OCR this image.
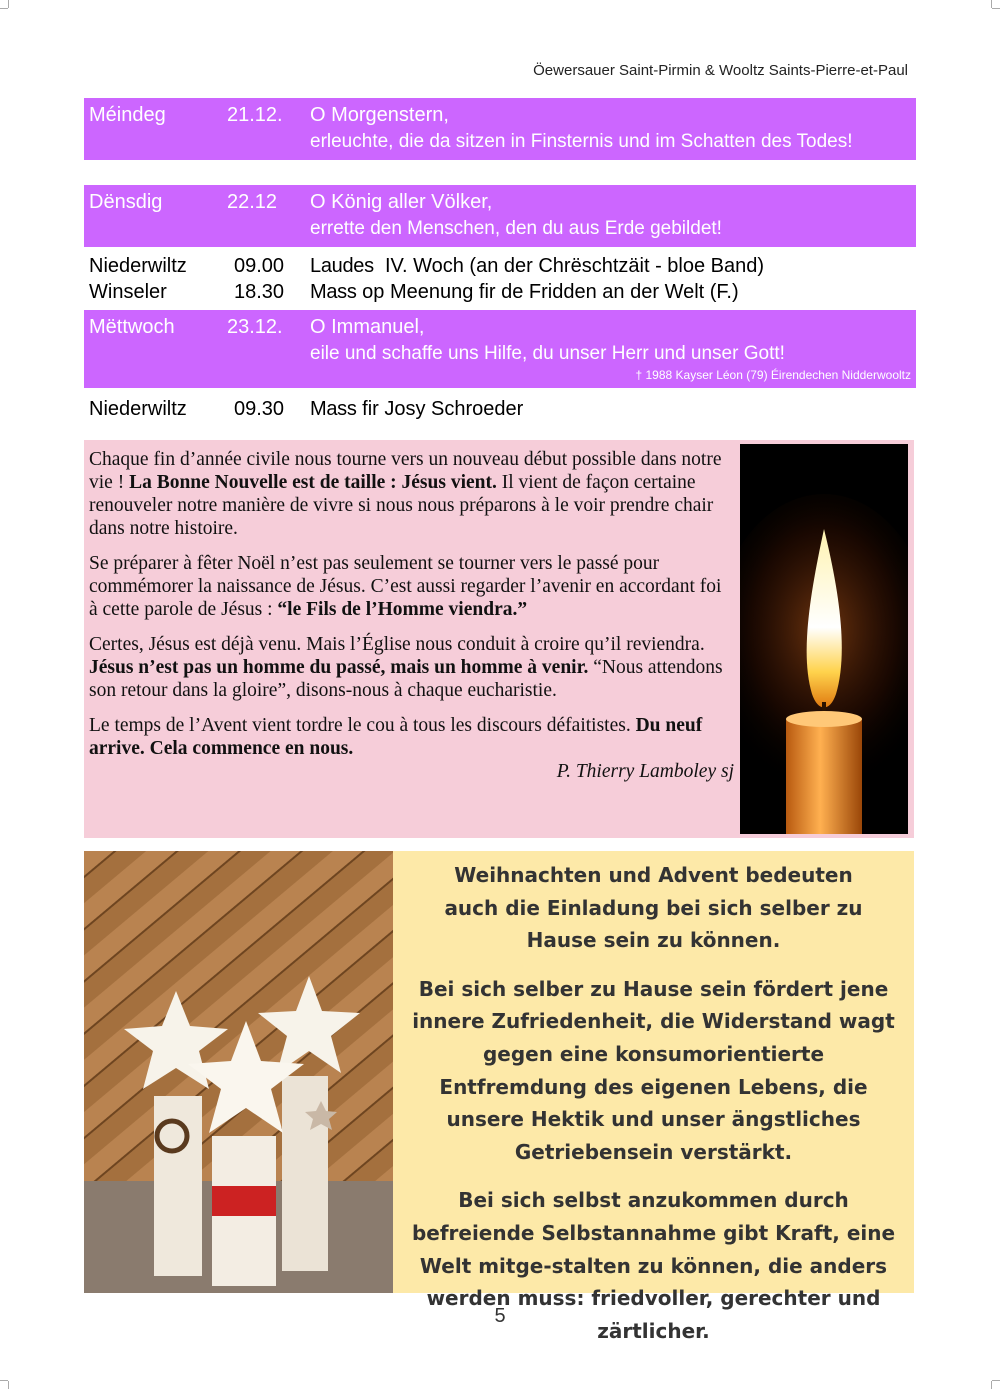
Öewersauer Saint-Pirmin & Wooltz Saints-Pierre-et-Paul
Méindeg	21.12. O Morgenstern,
erleuchte, die da sitzen in Finsternis und im Schatten des Todes!
Dënsdig	22.12 O König aller Völker,
errette den Menschen, den du aus Erde gebildet!
Niederwiltz	09.00 Laudes  IV. Woch (an der Chrëschtzäit - bloe Band)
Winseler	18.30 Mass op Meenung fir de Fridden an der Welt (F.)
Mëttwoch	23.12. O Immanuel,
eile und schaffe uns Hilfe, du unser Herr und unser Gott!
† 1988 Kayser Léon (79) Éirendechen Nidderwooltz
Niederwiltz	09.30 Mass fir Josy Schroeder

Chaque fin d’année civile nous tourne vers un nouveau début possible dans notre vie ! La Bonne Nouvelle est de taille : Jésus vient. Il vient de façon certaine renouveler notre manière de vivre si nous nous préparons à le voir prendre chair dans notre histoire.

Se préparer à fêter Noël n’est pas seulement se tourner vers le passé pour commémorer la naissance de Jésus. C’est aussi regarder l’avenir en accordant foi à cette parole de Jésus : “le Fils de l’Homme viendra.”

Certes, Jésus est déjà venu. Mais l’Église nous conduit à croire qu’il reviendra. Jésus n’est pas un homme du passé, mais un homme à venir. “Nous attendons son retour dans la gloire”, disons-nous à chaque eucharistie.

Le temps de l’Avent vient tordre le cou à tous les discours défaitistes. Du neuf arrive. Cela commence en nous.

P. Thierry Lamboley sj
Weihnachten und Advent bedeuten auch die Einladung bei sich selber zu Hause sein zu können.
Bei sich selber zu Hause sein fördert jene innere Zufriedenheit, die Widerstand wagt gegen eine konsumorientierte Entfremdung des eigenen Lebens, die unsere Hektik und unser ängstliches Getriebensein verstärkt.
Bei sich selbst anzukommen durch befreiende Selbstannahme gibt Kraft, eine Welt mitge-stalten zu können, die anders werden muss: friedvoller, gerechter und zärtlicher.
5
